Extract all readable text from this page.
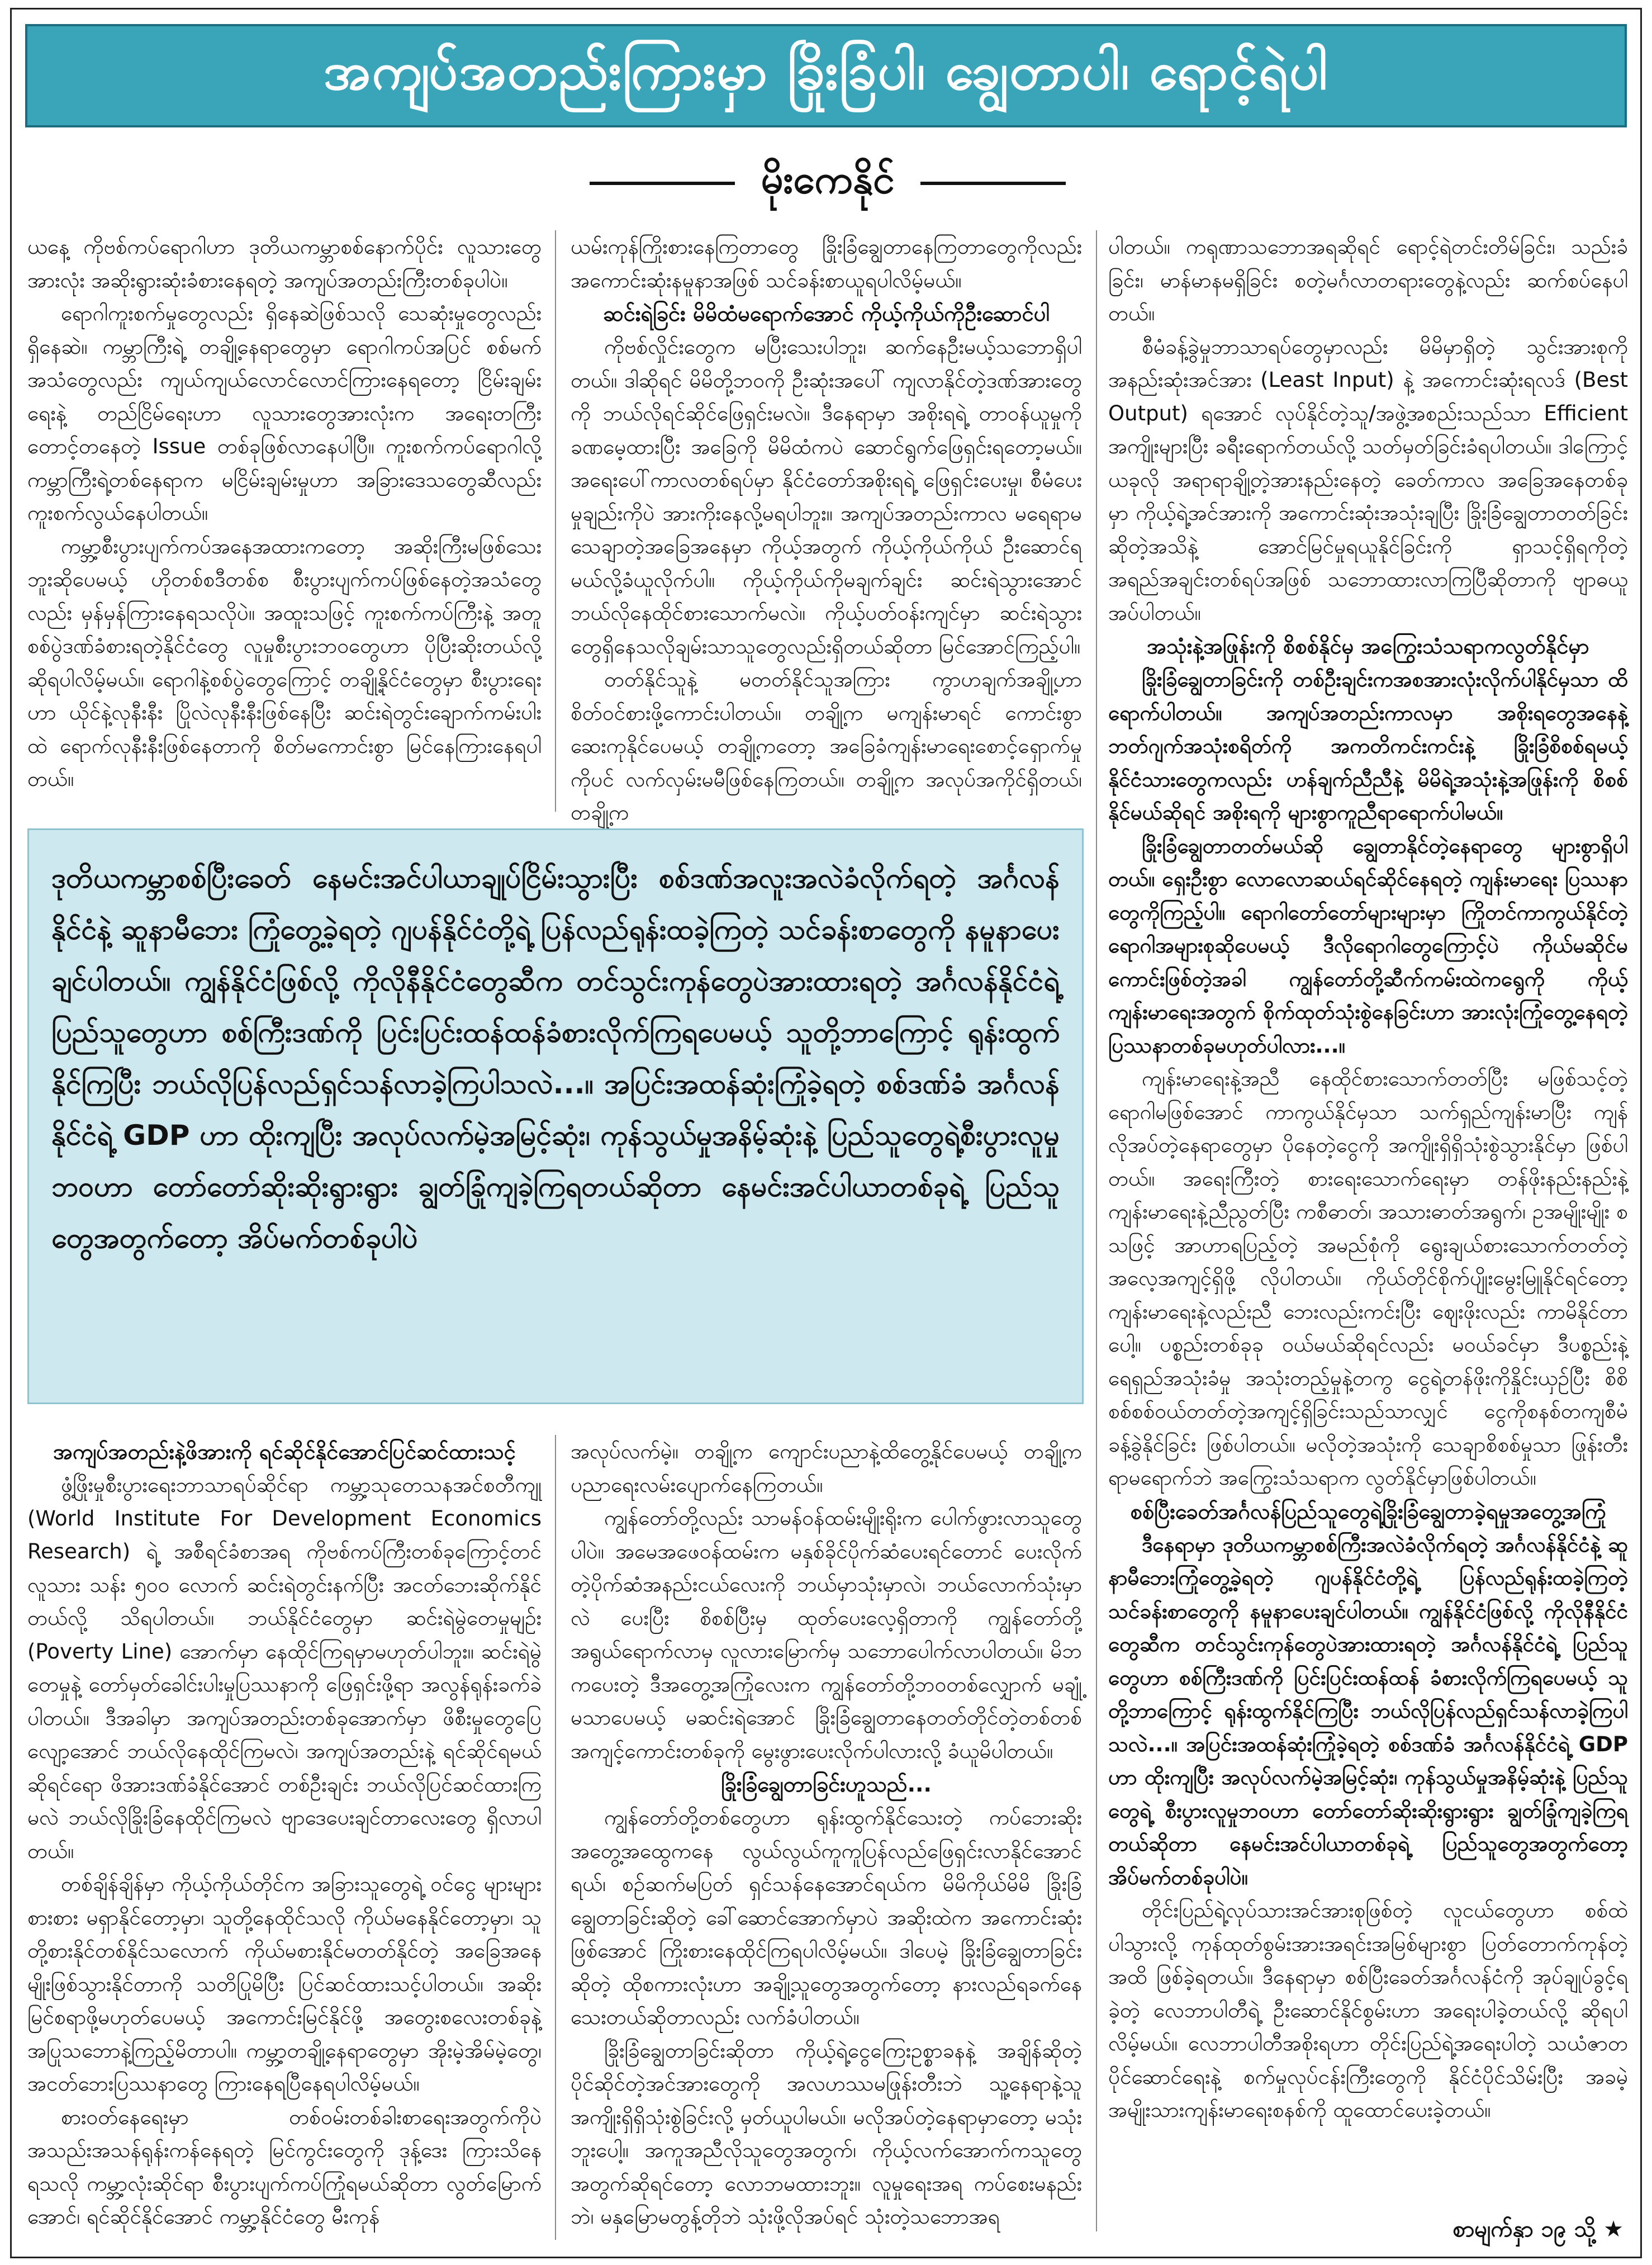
အကျပ်အတည်းကြားမှာ ခြိုးခြံပါ၊ ချွေတာပါ၊ ရောင့်ရဲပါ
မိုးကေနိုင်

ယနေ့ ကိုဗစ်ကပ်ရောဂါဟာ ဒုတိယကမ္ဘာစစ်နောက်ပိုင်း လူသားတွေ အားလုံး အဆိုးရွားဆုံးခံစားနေရတဲ့ အကျပ်အတည်းကြီးတစ်ခုပါပဲ။

ရောဂါကူးစက်မှုတွေလည်း ရှိနေဆဲဖြစ်သလို သေဆုံးမှုတွေလည်း ရှိနေဆဲ။ ကမ္ဘာကြီးရဲ့ တချို့နေရာတွေမှာ ရောဂါကပ်အပြင် စစ်မက်အသံတွေလည်း ကျယ်ကျယ်လောင်လောင်ကြားနေရတော့ ငြိမ်းချမ်းရေးနဲ့ တည်ငြိမ်ရေးဟာ လူသားတွေအားလုံးက အရေးတကြီး တောင့်တနေတဲ့ Issue တစ်ခုဖြစ်လာနေပါပြီ။ ကူးစက်ကပ်ရောဂါလို့ ကမ္ဘာကြီးရဲ့တစ်နေရာက မငြိမ်းချမ်းမှုဟာ အခြားဒေသတွေဆီလည်း ကူးစက်လွယ်နေပါတယ်။

ကမ္ဘာ့စီးပွားပျက်ကပ်အနေအထားကတော့ အဆိုးကြီးမဖြစ်သေးဘူးဆိုပေမယ့် ဟိုတစ်စဒီတစ်စ စီးပွားပျက်ကပ်ဖြစ်နေတဲ့အသံတွေလည်း မှန်မှန်ကြားနေရသလိုပဲ။ အထူးသဖြင့် ကူးစက်ကပ်ကြီးနဲ့ အတူ စစ်ပွဲဒဏ်ခံစားရတဲ့နိုင်ငံတွေ လူမှုစီးပွားဘဝတွေဟာ ပိုပြီးဆိုးတယ်လို့ ဆိုရပါလိမ့်မယ်။ ရောဂါနဲ့စစ်ပွဲတွေကြောင့် တချို့နိုင်ငံတွေမှာ စီးပွားရေးဟာ ယိုင်နဲ့လုနီးနီး ပြိုလဲလုနီးနီးဖြစ်နေပြီး ဆင်းရဲတွင်းချောက်ကမ်းပါးထဲ ရောက်လုနီးနီးဖြစ်နေတာကို စိတ်မကောင်းစွာ မြင်နေကြားနေရပါတယ်။

ယမ်းကုန်ကြိုးစားနေကြတာတွေ ခြိုးခြံချွေတာနေကြတာတွေကိုလည်း အကောင်းဆုံးနမူနာအဖြစ် သင်ခန်းစာယူရပါလိမ့်မယ်။

ဆင်းရဲခြင်း မိမိထံမရောက်အောင် ကိုယ့်ကိုယ်ကိုဦးဆောင်ပါ

ကိုဗစ်လှိုင်းတွေက မပြီးသေးပါဘူး၊ ဆက်နေဦးမယ့်သဘောရှိပါတယ်။ ဒါဆိုရင် မိမိတို့ဘဝကို ဦးဆုံးအပေါ် ကျလာနိုင်တဲ့ဒဏ်အားတွေကို ဘယ်လိုရင်ဆိုင်ဖြေရှင်းမလဲ။ ဒီနေရာမှာ အစိုးရရဲ့ တာဝန်ယူမှုကို ခဏမေ့ထားပြီး အခြေကို မိမိထံကပဲ ဆောင်ရွက်ဖြေရှင်းရတော့မယ်။ အရေးပေါ်ကာလတစ်ရပ်မှာ နိုင်ငံတော်အစိုးရရဲ့ ဖြေရှင်းပေးမှု၊ စီမံပေးမှုချည်းကိုပဲ အားကိုးနေလို့မရပါဘူး။ အကျပ်အတည်းကာလ မရေရာမသေချာတဲ့အခြေအနေမှာ ကိုယ့်အတွက် ကိုယ့်ကိုယ်ကိုယ် ဦးဆောင်ရမယ်လို့ခံယူလိုက်ပါ။ ကိုယ့်ကိုယ်ကိုမချက်ချင်း ဆင်းရဲသွားအောင် ဘယ်လိုနေထိုင်စားသောက်မလဲ။ ကိုယ့်ပတ်ဝန်းကျင်မှာ ဆင်းရဲသွားတွေရှိနေသလိုချမ်းသာသူတွေလည်းရှိတယ်ဆိုတာ မြင်အောင်ကြည့်ပါ။

တတ်နိုင်သူနဲ့ မတတ်နိုင်သူအကြား ကွာဟချက်အချို့ဟာ စိတ်ဝင်စားဖို့ကောင်းပါတယ်။ တချို့က မကျန်းမာရင် ကောင်းစွာဆေးကုနိုင်ပေမယ့် တချို့ကတော့ အခြေခံကျန်းမာရေးစောင့်ရှောက်မှုကိုပင် လက်လှမ်းမမီဖြစ်နေကြတယ်။ တချို့က အလုပ်အကိုင်ရှိတယ်၊ တချို့က

ပါတယ်။ ကရုဏာသဘောအရဆိုရင် ရောင့်ရဲတင်းတိမ်ခြင်း၊ သည်းခံခြင်း၊ မာန်မာနမရှိခြင်း စတဲ့မင်္ဂလာတရားတွေနဲ့လည်း ဆက်စပ်နေပါတယ်။

စီမံခန့်ခွဲမှုဘာသာရပ်တွေမှာလည်း မိမိမှာရှိတဲ့ သွင်းအားစုကို အနည်းဆုံးအင်အား (Least Input) နဲ့ အကောင်းဆုံးရလဒ် (Best Output) ရအောင် လုပ်နိုင်တဲ့သူ/အဖွဲ့အစည်းသည်သာ Efficient အကျိုးများပြီး ခရီးရောက်တယ်လို့ သတ်မှတ်ခြင်းခံရပါတယ်။ ဒါကြောင့် ယခုလို အရာရာချို့တဲ့အားနည်းနေတဲ့ ခေတ်ကာလ အခြေအနေတစ်ခုမှာ ကိုယ့်ရဲ့အင်အားကို အကောင်းဆုံးအသုံးချပြီး ခြိုးခြံချွေတာတတ်ခြင်းဆိုတဲ့အသိနဲ့ အောင်မြင်မှုရယူနိုင်ခြင်းကို ရှာသင့်ရှိရကိုတဲ့ အရည်အချင်းတစ်ရပ်အဖြစ် သဘောထားလာကြပြီဆိုတာကို ဗျာဓယူအပ်ပါတယ်။

အသုံးနဲ့အဖြုန်းကို စိစစ်နိုင်မှ အကြွေးသံသရာကလွတ်နိုင်မှာ

ခြိုးခြံချွေတာခြင်းကို တစ်ဦးချင်းကအစအားလုံးလိုက်ပါနိုင်မှသာ ထိရောက်ပါတယ်။ အကျပ်အတည်းကာလမှာ အစိုးရတွေအနေနဲ့ ဘတ်ဂျက်အသုံးစရိတ်ကို အကတိကင်းကင်းနဲ့ ခြိုးခြံစိစစ်ရမယ့်နိုင်ငံသားတွေကလည်း ဟန်ချက်ညီညီနဲ့ မိမိရဲ့အသုံးနဲ့အဖြုန်းကို စိစစ်နိုင်မယ်ဆိုရင် အစိုးရကို များစွာကူညီရာရောက်ပါမယ်။

ခြိုးခြံချွေတာတတ်မယ်ဆို ချွေတာနိုင်တဲ့နေရာတွေ များစွာရှိပါတယ်။ ရှေးဦးစွာ လောလောဆယ်ရင်ဆိုင်နေရတဲ့ ကျန်းမာရေး ပြဿနာတွေကိုကြည့်ပါ။ ရောဂါတော်တော်များများမှာ ကြိုတင်ကာကွယ်နိုင်တဲ့ရောဂါအများစုဆိုပေမယ့် ဒီလိုရောဂါတွေကြောင့်ပဲ ကိုယ်မဆိုင်မကောင်းဖြစ်တဲ့အခါ ကျွန်တော်တို့ဆီက်ကမ်းထဲကရွေကို ကိုယ့်ကျန်းမာရေးအတွက် စိုက်ထုတ်သုံးစွဲနေခြင်းဟာ အားလုံးကြုံတွေ့နေရတဲ့ ပြဿနာတစ်ခုမဟုတ်ပါလား...။

ကျန်းမာရေးနဲ့အညီ နေထိုင်စားသောက်တတ်ပြီး မဖြစ်သင့်တဲ့ရောဂါမဖြစ်အောင် ကာကွယ်နိုင်မှသာ သက်ရှည်ကျန်းမာပြီး ကျန်လိုအပ်တဲ့နေရာတွေမှာ ပိုနေတဲ့ငွေကို အကျိုးရှိရှိသုံးစွဲသွားနိုင်မှာ ဖြစ်ပါတယ်။ အရေးကြီးတဲ့ စားရေးသောက်ရေးမှာ တန်ဖိုးနည်းနည်းနဲ့ ကျန်းမာရေးနဲ့ညီညွတ်ပြီး ကစီဓာတ်၊ အသားဓာတ်အရွက်၊ ဥအမျိုးမျိုး စသဖြင့် အာဟာရပြည့်တဲ့ အမည်စုံကို ရွေးချယ်စားသောက်တတ်တဲ့အလေ့အကျင့်ရှိဖို့ လိုပါတယ်။ ကိုယ်တိုင်စိုက်ပျိုးမွေးမြူနိုင်ရင်တော့ ကျန်းမာရေးနဲ့လည်းညီ ဘေးလည်းကင်းပြီး ဈေးဖိုးလည်း ကာမိနိုင်တာပေါ့။ ပစ္စည်းတစ်ခုခု ဝယ်မယ်ဆိုရင်လည်း မဝယ်ခင်မှာ ဒီပစ္စည်းနဲ့ ရေရှည်အသုံးခံမှု အသုံးတည့်မှုနဲ့တကွ ငွေရဲ့တန်ဖိုးကိုနှိုင်းယှဉ်ပြီး စိစိစစ်စစ်ဝယ်တတ်တဲ့အကျင့်ရှိခြင်းသည်သာလျှင် ငွေကိုစနစ်တကျစီမံခန့်ခွဲနိုင်ခြင်း ဖြစ်ပါတယ်။ မလိုတဲ့အသုံးကို သေချာစိစစ်မှုသာ ဖြုန်းတီးရာမရောက်ဘဲ အကြွေးသံသရာက လွတ်နိုင်မှာဖြစ်ပါတယ်။

စစ်ပြီးခေတ်အင်္ဂလန်ပြည်သူတွေရဲ့ခြိုးခြံချွေတာခဲ့ရမှုအတွေ့အကြုံ

ဒီနေရာမှာ ဒုတိယကမ္ဘာစစ်ကြီးအလဲခံလိုက်ရတဲ့ အင်္ဂလန်နိုင်ငံနဲ့ ဆူနာမီဘေးကြုံတွေ့ခဲ့ရတဲ့ ဂျပန်နိုင်ငံတို့ရဲ့ ပြန်လည်ရုန်းထခဲ့ကြတဲ့ သင်ခန်းစာတွေကို နမူနာပေးချင်ပါတယ်။ ကျွန်နိုင်ငံဖြစ်လို့ ကိုလိုနီနိုင်ငံတွေဆီက တင်သွင်းကုန်တွေပဲအားထားရတဲ့ အင်္ဂလန်နိုင်ငံရဲ့ ပြည်သူတွေဟာ စစ်ကြီးဒဏ်ကို ပြင်းပြင်းထန်ထန် ခံစားလိုက်ကြရပေမယ့် သူတို့ဘာကြောင့် ရုန်းထွက်နိုင်ကြပြီး ဘယ်လိုပြန်လည်ရှင်သန်လာခဲ့ကြပါသလဲ...။ အပြင်းအထန်ဆုံးကြုံခဲ့ရတဲ့ စစ်ဒဏ်ခံ အင်္ဂလန်နိုင်ငံရဲ့ GDP ဟာ ထိုးကျပြီး အလုပ်လက်မဲ့အမြင့်ဆုံး၊ ကုန်သွယ်မှုအနိမ့်ဆုံးနဲ့ ပြည်သူတွေရဲ့ စီးပွားလူမှုဘဝဟာ တော်တော်ဆိုးဆိုးရွားရွား ချွတ်ခြုံကျခဲ့ကြရတယ်ဆိုတာ နေမင်းအင်ပါယာတစ်ခုရဲ့ ပြည်သူတွေအတွက်တော့ အိပ်မက်တစ်ခုပါပဲ။

တိုင်းပြည်ရဲ့လုပ်သားအင်အားစုဖြစ်တဲ့ လူငယ်တွေဟာ စစ်ထဲပါသွားလို့ ကုန်ထုတ်စွမ်းအားအရင်းအမြစ်များစွာ ပြတ်တောက်ကုန်တဲ့အထိ ဖြစ်ခဲ့ရတယ်။ ဒီနေရာမှာ စစ်ပြီးခေတ်အင်္ဂလန်ငံကို အုပ်ချုပ်ခွင့်ရခဲ့တဲ့ လေဘာပါတီရဲ့ ဦးဆောင်နိုင်စွမ်းဟာ အရေးပါခဲ့တယ်လို့ ဆိုရပါလိမ့်မယ်။ လေဘာပါတီအစိုးရဟာ တိုင်းပြည်ရဲ့အရေးပါတဲ့ သယံဇာတပိုင်ဆောင်ရေးနဲ့ စက်မှုလုပ်ငန်းကြီးတွေကို နိုင်ငံပိုင်သိမ်းပြီး အခမဲ့အမျိုးသားကျန်းမာရေးစနစ်ကို ထူထောင်ပေးခဲ့တယ်။

ဒုတိယကမ္ဘာစစ်ပြီးခေတ် နေမင်းအင်ပါယာချုပ်ငြိမ်းသွားပြီး စစ်ဒဏ်အလူးအလဲခံလိုက်ရတဲ့ အင်္ဂလန်နိုင်ငံနဲ့ ဆူနာမီဘေး ကြုံတွေ့ခဲ့ရတဲ့ ဂျပန်နိုင်ငံတို့ရဲ့ ပြန်လည်ရုန်းထခဲ့ကြတဲ့ သင်ခန်းစာတွေကို နမူနာပေးချင်ပါတယ်။ ကျွန်နိုင်ငံဖြစ်လို့ ကိုလိုနီနိုင်ငံတွေဆီက တင်သွင်းကုန်တွေပဲအားထားရတဲ့ အင်္ဂလန်နိုင်ငံရဲ့ ပြည်သူတွေဟာ စစ်ကြီးဒဏ်ကို ပြင်းပြင်းထန်ထန်ခံစားလိုက်ကြရပေမယ့် သူတို့ဘာကြောင့် ရုန်းထွက်နိုင်ကြပြီး ဘယ်လိုပြန်လည်ရှင်သန်လာခဲ့ကြပါသလဲ...။ အပြင်းအထန်ဆုံးကြုံခဲ့ရတဲ့ စစ်ဒဏ်ခံ အင်္ဂလန်နိုင်ငံရဲ့ GDP ဟာ ထိုးကျပြီး အလုပ်လက်မဲ့အမြင့်ဆုံး၊ ကုန်သွယ်မှုအနိမ့်ဆုံးနဲ့ ပြည်သူတွေရဲ့စီးပွားလူမှုဘဝဟာ တော်တော်ဆိုးဆိုးရွားရွား ချွတ်ခြုံကျခဲ့ကြရတယ်ဆိုတာ နေမင်းအင်ပါယာတစ်ခုရဲ့ ပြည်သူတွေအတွက်တော့ အိပ်မက်တစ်ခုပါပဲ
အကျပ်အတည်းနဲ့ဖိအားကို ရင်ဆိုင်နိုင်အောင်ပြင်ဆင်ထားသင့်

ဖွံ့ဖြိုးမှုစီးပွားရေးဘာသာရပ်ဆိုင်ရာ ကမ္ဘာ့သုတေသနအင်စတီကျု (World Institute For Development Economics Research) ရဲ့ အစီရင်ခံစာအရ ကိုဗစ်ကပ်ကြီးတစ်ခုကြောင့်တင် လူသား သန်း ၅၀၀ လောက် ဆင်းရဲတွင်းနက်ပြီး အငတ်ဘေးဆိုက်နိုင်တယ်လို့ သိရပါတယ်။ ဘယ်နိုင်ငံတွေမှာ ဆင်းရဲမွဲတေမှုမျဉ်း (Poverty Line) အောက်မှာ နေထိုင်ကြရမှာမဟုတ်ပါဘူး။ ဆင်းရဲမွဲတေမှုနဲ့ တော်မှတ်ခေါင်းပါးမှုပြဿနာကို ဖြေရှင်းဖို့ရာ အလွန်ရုန်းခက်ခဲပါတယ်။ ဒီအခါမှာ အကျပ်အတည်းတစ်ခုအောက်မှာ ဖိစီးမှုတွေပြေလျော့အောင် ဘယ်လိုနေထိုင်ကြမလဲ၊ အကျပ်အတည်းနဲ့ ရင်ဆိုင်ရမယ်ဆိုရင်ရော ဖိအားဒဏ်ခံနိုင်အောင် တစ်ဦးချင်း ဘယ်လိုပြင်ဆင်ထားကြမလဲ ဘယ်လိုခြိုးခြံနေထိုင်ကြမလဲ ဗျာဒေပေးချင်တာလေးတွေ ရှိလာပါတယ်။

တစ်ချိန်ချိန်မှာ ကိုယ့်ကိုယ်တိုင်က အခြားသူတွေရဲ့ ဝင်ငွေ များများစားစား မရှာနိုင်တော့မှာ၊ သူတို့နေထိုင်သလို ကိုယ်မနေနိုင်တော့မှာ၊ သူတို့စားနိုင်တစ်နိုင်သလောက် ကိုယ်မစားနိုင်မတတ်နိုင်တဲ့ အခြေအနေမျိုးဖြစ်သွားနိုင်တာကို သတိပြုမိပြီး ပြင်ဆင်ထားသင့်ပါတယ်။ အဆိုးမြင်စရာဖို့မဟုတ်ပေမယ့် အကောင်းမြင်နိုင်ဖို့ အတွေးစလေးတစ်ခုနဲ့ အပြုသဘောနဲ့ကြည့်မိတာပါ။ ကမ္ဘာ့တချို့နေရာတွေမှာ အိုးမဲ့အိမ်မဲ့တွေ၊ အငတ်ဘေးပြဿနာတွေ ကြားနေရပြီနေရပါလိမ့်မယ်။

စားဝတ်နေရေးမှာ တစ်ဝမ်းတစ်ခါးစာရေးအတွက်ကိုပဲ အသည်းအသန်ရုန်းကန်နေရတဲ့ မြင်ကွင်းတွေကို ဒုန့်ဒေး ကြားသိနေရသလို ကမ္ဘာ့လုံးဆိုင်ရာ စီးပွားပျက်ကပ်ကြုံရမယ်ဆိုတာ လွတ်မြောက်အောင်၊ ရင်ဆိုင်နိုင်အောင် ကမ္ဘာ့နိုင်ငံတွေ မီးကုန်

အလုပ်လက်မဲ့။ တချို့က ကျောင်းပညာနဲ့ထိတွေ့နိုင်ပေမယ့် တချို့က ပညာရေးလမ်းပျောက်နေကြတယ်။

ကျွန်တော်တို့လည်း သာမန်ဝန်ထမ်းမျိုးရိုးက ပေါက်ဖွားလာသူတွေပါပဲ။ အမေအဖေဝန်ထမ်းက မနှစ်ခိုင်ပိုက်ဆံပေးရင်တောင် ပေးလိုက်တဲ့ပိုက်ဆံအနည်းငယ်လေးကို ဘယ်မှာသုံးမှာလဲ၊ ဘယ်လောက်သုံးမှာလဲ ပေးပြီး စိစစ်ပြီးမှ ထုတ်ပေးလေ့ရှိတာကို ကျွန်တော်တို့ အရွယ်ရောက်လာမှ လူလားမြောက်မှ သဘောပေါက်လာပါတယ်။ မိဘကပေးတဲ့ ဒီအတွေ့အကြုံလေးက ကျွန်တော်တို့ဘဝတစ်လျှောက် မချုံ့မသာပေမယ့် မဆင်းရဲအောင် ခြိုးခြံချွေတာနေတတ်တိုင်တဲ့တစ်တစ် အကျင့်ကောင်းတစ်ခုကို မွေးဖွားပေးလိုက်ပါလားလို့ ခံယူမိပါတယ်။

ခြိုးခြံချွေတာခြင်းဟူသည်...

ကျွန်တော်တို့တစ်တွေဟာ ရုန်းထွက်နိုင်သေးတဲ့ ကပ်ဘေးဆိုးအတွေ့အထွေကနေ လွယ်လွယ်ကူကူပြန်လည်ဖြေရှင်းလာနိုင်အောင်ရယ်၊ စဉ်ဆက်မပြတ် ရှင်သန်နေအောင်ရယ်က မိမိကိုယ်မိမိ ခြိုးခြံချွေတာခြင်းဆိုတဲ့ ခေါ်ဆောင်အောက်မှာပဲ အဆိုးထဲက အကောင်းဆုံးဖြစ်အောင် ကြိုးစားနေထိုင်ကြရပါလိမ့်မယ်။ ဒါပေမဲ့ ခြိုးခြံချွေတာခြင်းဆိုတဲ့ ထိုစကားလုံးဟာ အချို့သူတွေအတွက်တော့ နားလည်ရခက်နေသေးတယ်ဆိုတာလည်း လက်ခံပါတယ်။

ခြိုးခြံချွေတာခြင်းဆိုတာ ကိုယ့်ရဲ့ငွေကြေးဥစ္စာခနနဲ့ အချိန်ဆိုတဲ့ ပိုင်ဆိုင်တဲ့အင်အားတွေကို အလဟဿမဖြုန်းတီးဘဲ သူ့နေရာနဲ့သူ အကျိုးရှိရှိသုံးစွဲခြင်းလို့ မှတ်ယူပါမယ်။ မလိုအပ်တဲ့နေရာမှာတော့ မသုံးဘူးပေါ့။ အကူအညီလိုသူတွေအတွက်၊ ကိုယ့်လက်အောက်ကသူတွေအတွက်ဆိုရင်တော့ လောဘမထားဘူး။ လူမှုရေးအရ ကပ်စေးမနည်းဘဲ၊ မနှမြောမတွန့်တိုဘဲ သုံးဖို့လိုအပ်ရင် သုံးတဲ့သဘောအရ	စာမျက်နှာ ၁၉ သို့ ★
